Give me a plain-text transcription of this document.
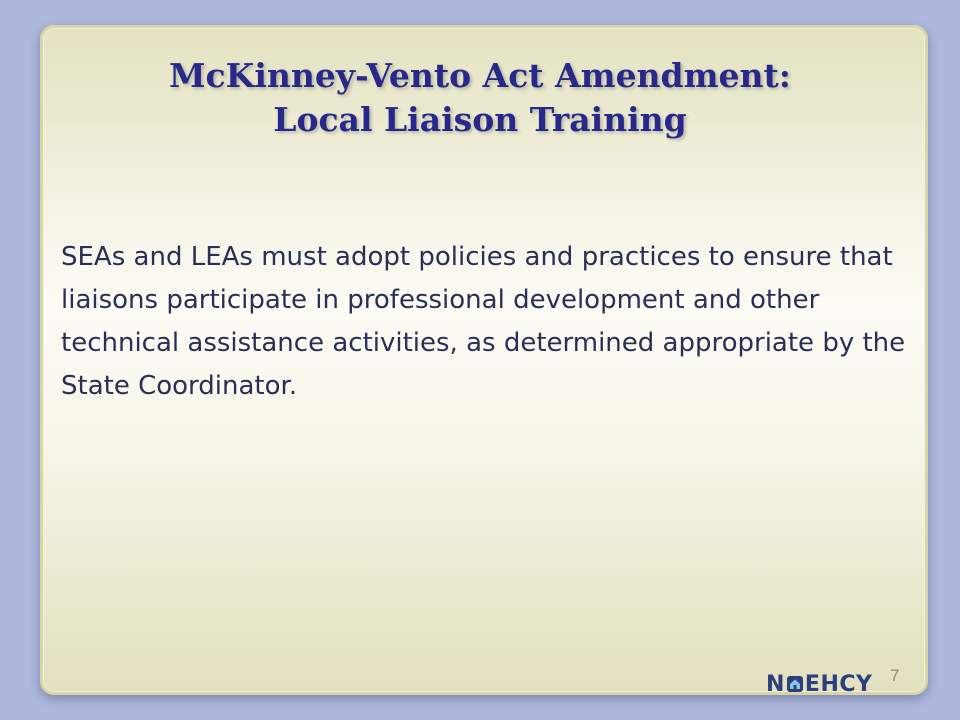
McKinney-Vento Act Amendment:
Local Liaison Training

SEAs and LEAs must adopt policies and practices to ensure that liaisons participate in professional development and other technical assistance activities, as determined appropriate by the State Coordinator.

N EHCY 7
